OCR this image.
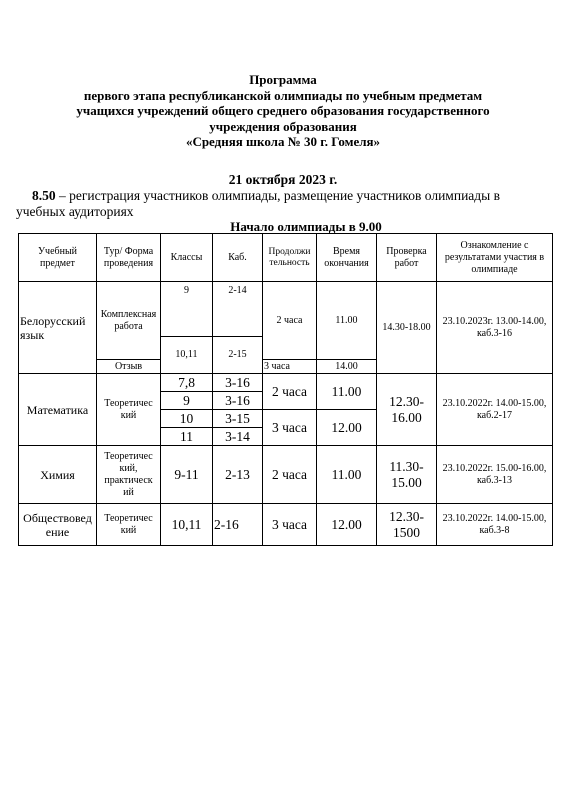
Программа
первого этапа республиканской олимпиады по учебным предметам
учащихся учреждений общего среднего образования государственного
учреждения образования
«Средняя школа № 30 г. Гомеля»
21 октября 2023 г.
8.50 – регистрация участников олимпиады, размещение участников олимпиады в
учебных аудиториях
Начало олимпиады в 9.00
Учебный предмет	Тур/ Форма проведения	Классы	Каб.	Продолжи тельность	Время окончания	Проверка работ	Ознакомление с результатами участия в олимпиаде
Белорусский язык	Комплексная работа	9	2-14	2 часа	11.00	14.30-18.00	23.10.2023г. 13.00-14.00, каб.3-16
		10,11	2-15				
	Отзыв			3 часа	14.00		
Математика	Теоретичес кий	7,8	3-16	2 часа	11.00	12.30-16.00	23.10.2022г. 14.00-15.00, каб.2-17
		9	3-16				
		10	3-15	3 часа	12.00		
		11	3-14				
Химия	Теоретичес кий, практическ ий	9-11	2-13	2 часа	11.00	11.30-15.00	23.10.2022г. 15.00-16.00, каб.3-13
Обществовед ение	Теоретичес кий	10,11	2-16	3 часа	12.00	12.30-1500	23.10.2022г. 14.00-15.00, каб.3-8
